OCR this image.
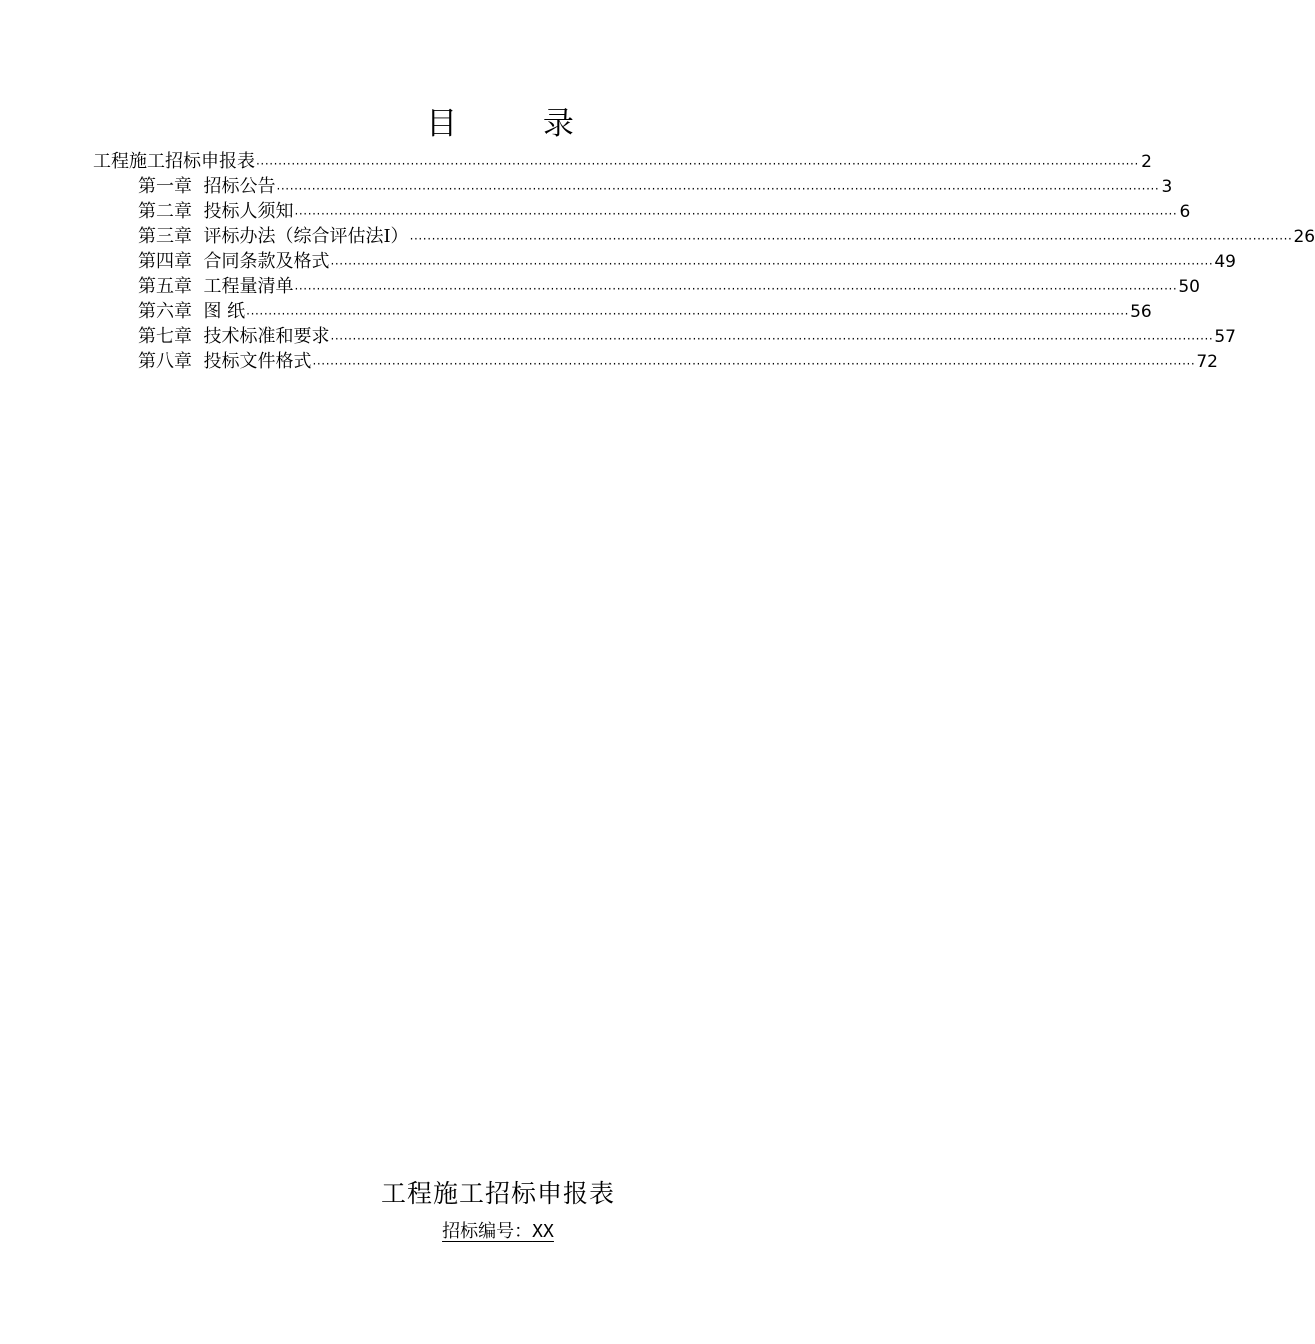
目 录
工程施工招标申报表 ········································································································································································································ 2
第一章  招标公告 ········································································································································································································ 3
第二章  投标人须知 ········································································································································································································ 6
第三章  评标办法（综合评估法Ⅰ） ········································································································································································································ 26
第四章  合同条款及格式 ········································································································································································································ 49
第五章  工程量清单 ········································································································································································································ 50
第六章  图 纸 ········································································································································································································ 56
第七章  技术标准和要求 ········································································································································································································ 57
第八章  投标文件格式 ········································································································································································································ 72
工程施工招标申报表
招标编号：XX
